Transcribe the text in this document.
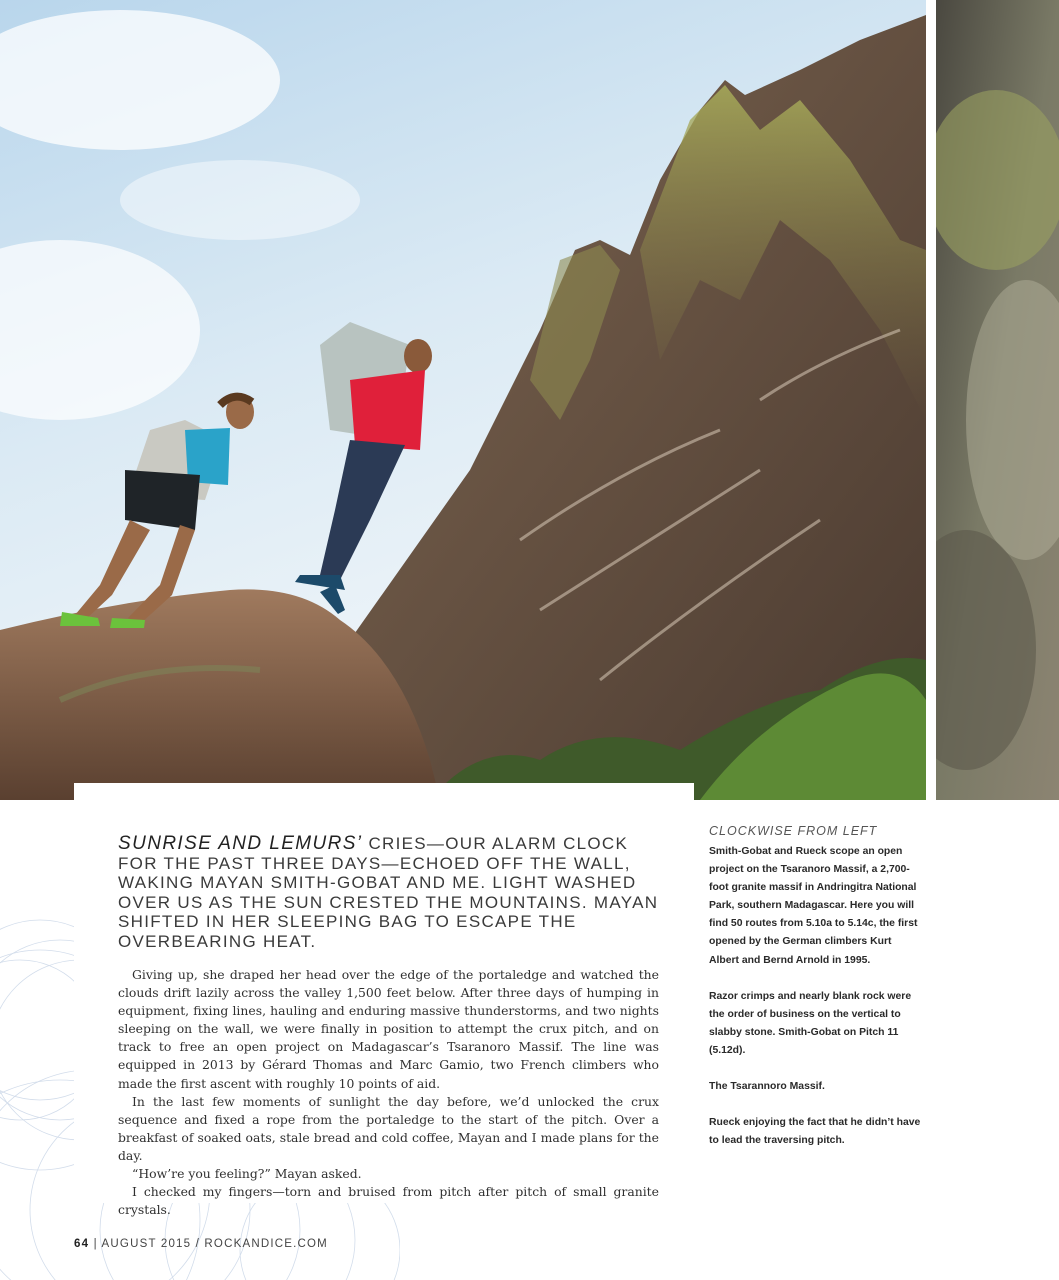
SUNRISE AND LEMURS’ CRIES—OUR ALARM CLOCK FOR THE PAST THREE DAYS—ECHOED OFF THE WALL, WAKING MAYAN SMITH-GOBAT AND ME. LIGHT WASHED OVER US AS THE SUN CRESTED THE MOUNTAINS. MAYAN SHIFTED IN HER SLEEPING BAG TO ESCAPE THE OVERBEARING HEAT.

Giving up, she draped her head over the edge of the portaledge and watched the clouds drift lazily across the valley 1,500 feet below. After three days of humping in equipment, fixing lines, hauling and enduring massive thunderstorms, and two nights sleeping on the wall, we were finally in position to attempt the crux pitch, and on track to free an open project on Madagascar’s Tsaranoro Massif. The line was equipped in 2013 by Gérard Thomas and Marc Gamio, two French climbers who made the first ascent with roughly 10 points of aid.

In the last few moments of sunlight the day before, we’d unlocked the crux sequence and fixed a rope from the portaledge to the start of the pitch. Over a breakfast of soaked oats, stale bread and cold coffee, Mayan and I made plans for the day.

“How’re you feeling?” Mayan asked.

I checked my fingers—torn and bruised from pitch after pitch of small granite crystals.

CLOCKWISE FROM LEFT

Smith-Gobat and Rueck scope an open project on the Tsaranoro Massif, a 2,700-foot granite massif in Andringitra National Park, southern Madagascar. Here you will find 50 routes from 5.10a to 5.14c, the first opened by the German climbers Kurt Albert and Bernd Arnold in 1995.

Razor crimps and nearly blank rock were the order of business on the vertical to slabby stone. Smith-Gobat on Pitch 11 (5.12d).

The Tsarannoro Massif.

Rueck enjoying the fact that he didn’t have to lead the traversing pitch.

64 | AUGUST 2015 / ROCKANDICE.COM
